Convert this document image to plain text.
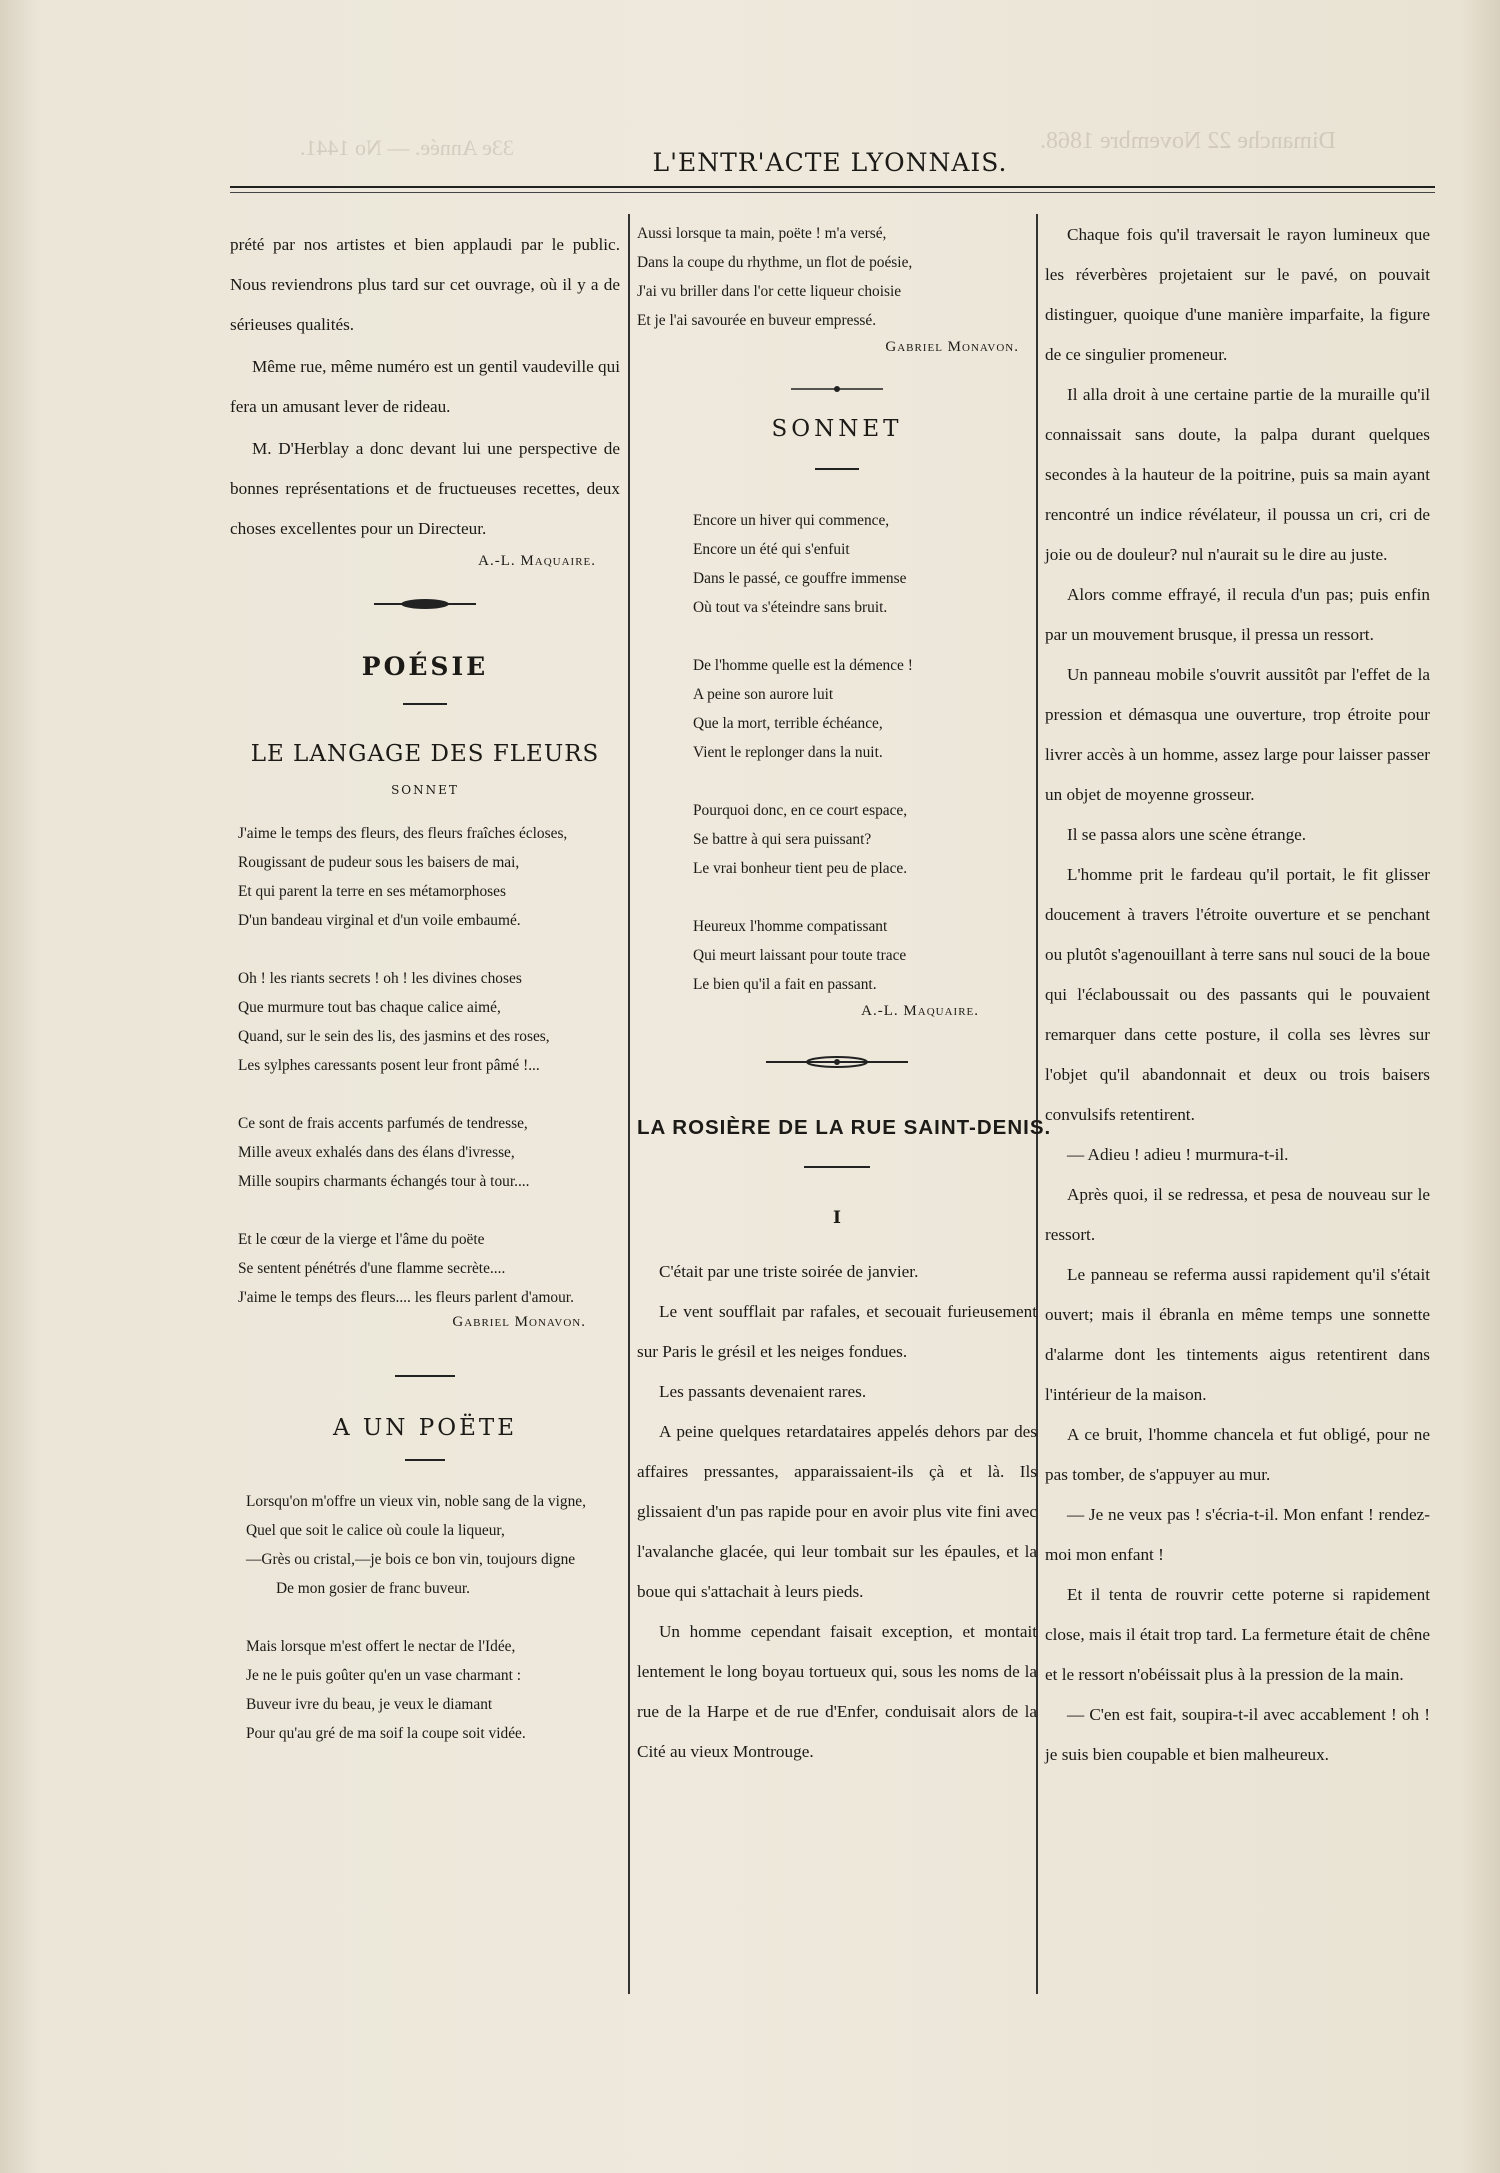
Dimanche 22 Novembre 1868.
33e Année. — No 1441.
L'ENTR'ACTE LYONNAIS.

prété par nos artistes et bien applaudi par le public. Nous reviendrons plus tard sur cet ouvrage, où il y a de sérieuses qualités.

Même rue, même numéro est un gentil vaudeville qui fera un amusant lever de rideau.

M. D'Herblay a donc devant lui une perspective de bonnes représentations et de fructueuses recettes, deux choses excellentes pour un Directeur.

A.-L. Maquaire.
POÉSIE
LE LANGAGE DES FLEURS
SONNET
J'aime le temps des fleurs, des fleurs fraîches écloses,
Rougissant de pudeur sous les baisers de mai,
Et qui parent la terre en ses métamorphoses
D'un bandeau virginal et d'un voile embaumé.
Oh ! les riants secrets ! oh ! les divines choses
Que murmure tout bas chaque calice aimé,
Quand, sur le sein des lis, des jasmins et des roses,
Les sylphes caressants posent leur front pâmé !...
Ce sont de frais accents parfumés de tendresse,
Mille aveux exhalés dans des élans d'ivresse,
Mille soupirs charmants échangés tour à tour....
Et le cœur de la vierge et l'âme du poëte
Se sentent pénétrés d'une flamme secrète....
J'aime le temps des fleurs.... les fleurs parlent d'amour.
Gabriel Monavon.
A UN POËTE
Lorsqu'on m'offre un vieux vin, noble sang de la vigne,
Quel que soit le calice où coule la liqueur,
—Grès ou cristal,—je bois ce bon vin, toujours digne
De mon gosier de franc buveur.
Mais lorsque m'est offert le nectar de l'Idée,
Je ne le puis goûter qu'en un vase charmant :
Buveur ivre du beau, je veux le diamant
Pour qu'au gré de ma soif la coupe soit vidée.
Aussi lorsque ta main, poëte ! m'a versé,
Dans la coupe du rhythme, un flot de poésie,
J'ai vu briller dans l'or cette liqueur choisie
Et je l'ai savourée en buveur empressé.
Gabriel Monavon.
SONNET
Encore un hiver qui commence,
Encore un été qui s'enfuit
Dans le passé, ce gouffre immense
Où tout va s'éteindre sans bruit.
De l'homme quelle est la démence !
A peine son aurore luit
Que la mort, terrible échéance,
Vient le replonger dans la nuit.
Pourquoi donc, en ce court espace,
Se battre à qui sera puissant?
Le vrai bonheur tient peu de place.
Heureux l'homme compatissant
Qui meurt laissant pour toute trace
Le bien qu'il a fait en passant.
A.-L. Maquaire.
LA ROSIÈRE DE LA RUE SAINT-DENIS.
I

C'était par une triste soirée de janvier.

Le vent soufflait par rafales, et secouait furieusement sur Paris le grésil et les neiges fondues.

Les passants devenaient rares.

A peine quelques retardataires appelés dehors par des affaires pressantes, apparaissaient-ils çà et là. Ils glissaient d'un pas rapide pour en avoir plus vite fini avec l'avalanche glacée, qui leur tombait sur les épaules, et la boue qui s'attachait à leurs pieds.

Un homme cependant faisait exception, et montait lentement le long boyau tortueux qui, sous les noms de la rue de la Harpe et de rue d'Enfer, conduisait alors de la Cité au vieux Montrouge.

Chaque fois qu'il traversait le rayon lumineux que les réverbères projetaient sur le pavé, on pouvait distinguer, quoique d'une manière imparfaite, la figure de ce singulier promeneur.

Il alla droit à une certaine partie de la muraille qu'il connaissait sans doute, la palpa durant quelques secondes à la hauteur de la poitrine, puis sa main ayant rencontré un indice révélateur, il poussa un cri, cri de joie ou de douleur? nul n'aurait su le dire au juste.

Alors comme effrayé, il recula d'un pas; puis enfin par un mouvement brusque, il pressa un ressort.

Un panneau mobile s'ouvrit aussitôt par l'effet de la pression et démasqua une ouverture, trop étroite pour livrer accès à un homme, assez large pour laisser passer un objet de moyenne grosseur.

Il se passa alors une scène étrange.

L'homme prit le fardeau qu'il portait, le fit glisser doucement à travers l'étroite ouverture et se penchant ou plutôt s'agenouillant à terre sans nul souci de la boue qui l'éclaboussait ou des passants qui le pouvaient remarquer dans cette posture, il colla ses lèvres sur l'objet qu'il abandonnait et deux ou trois baisers convulsifs retentirent.

— Adieu ! adieu ! murmura-t-il.

Après quoi, il se redressa, et pesa de nouveau sur le ressort.

Le panneau se referma aussi rapidement qu'il s'était ouvert; mais il ébranla en même temps une sonnette d'alarme dont les tintements aigus retentirent dans l'intérieur de la maison.

A ce bruit, l'homme chancela et fut obligé, pour ne pas tomber, de s'appuyer au mur.

— Je ne veux pas ! s'écria-t-il. Mon enfant ! rendez-moi mon enfant !

Et il tenta de rouvrir cette poterne si rapidement close, mais il était trop tard. La fermeture était de chêne et le ressort n'obéissait plus à la pression de la main.

— C'en est fait, soupira-t-il avec accablement ! oh ! je suis bien coupable et bien malheureux.
